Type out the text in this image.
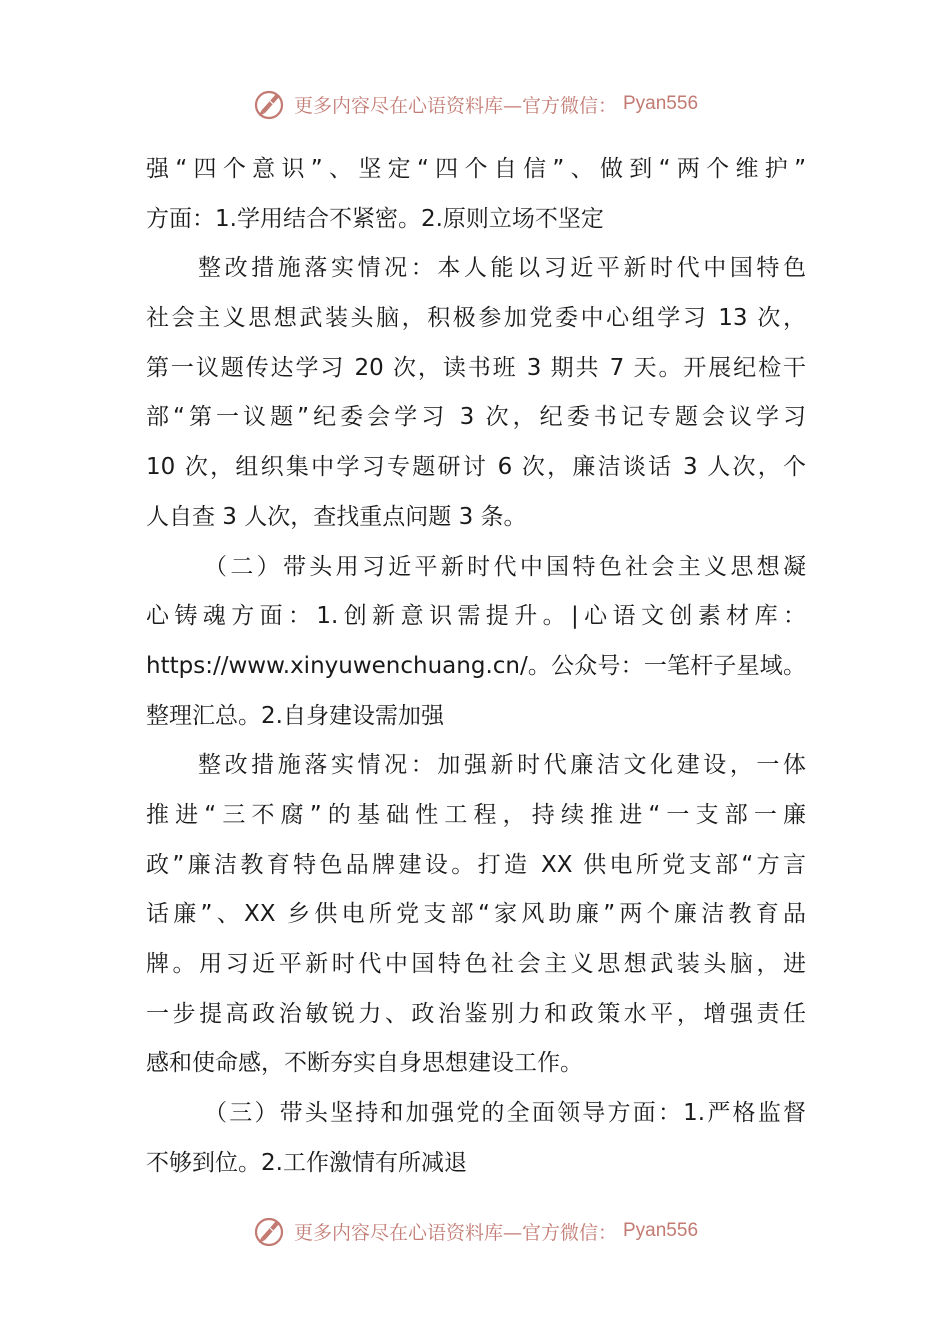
更多内容尽在心语资料库—官方微信： Pyan556
强“四个意识”、坚定“四个自信”、做到“两个维护”
方面：1.学用结合不紧密。2.原则立场不坚定
整改措施落实情况：本人能以习近平新时代中国特色
社会主义思想武装头脑，积极参加党委中心组学习 13 次，
第一议题传达学习 20 次，读书班 3 期共 7 天。开展纪检干
部“第一议题”纪委会学习 3 次，纪委书记专题会议学习
10 次，组织集中学习专题研讨 6 次，廉洁谈话 3 人次，个
人自查 3 人次，查找重点问题 3 条。
（二）带头用习近平新时代中国特色社会主义思想凝
心铸魂方面：1.创新意识需提升。|心语文创素材库：
https://www.xinyuwenchuang.cn/。公众号：一笔杆子星域。
整理汇总。2.自身建设需加强
整改措施落实情况：加强新时代廉洁文化建设，一体
推进“三不腐”的基础性工程，持续推进“一支部一廉
政”廉洁教育特色品牌建设。打造 XX 供电所党支部“方言
话廉”、XX 乡供电所党支部“家风助廉”两个廉洁教育品
牌。用习近平新时代中国特色社会主义思想武装头脑，进
一步提高政治敏锐力、政治鉴别力和政策水平，增强责任
感和使命感，不断夯实自身思想建设工作。
（三）带头坚持和加强党的全面领导方面：1.严格监督
不够到位。2.工作激情有所减退
更多内容尽在心语资料库—官方微信： Pyan556
